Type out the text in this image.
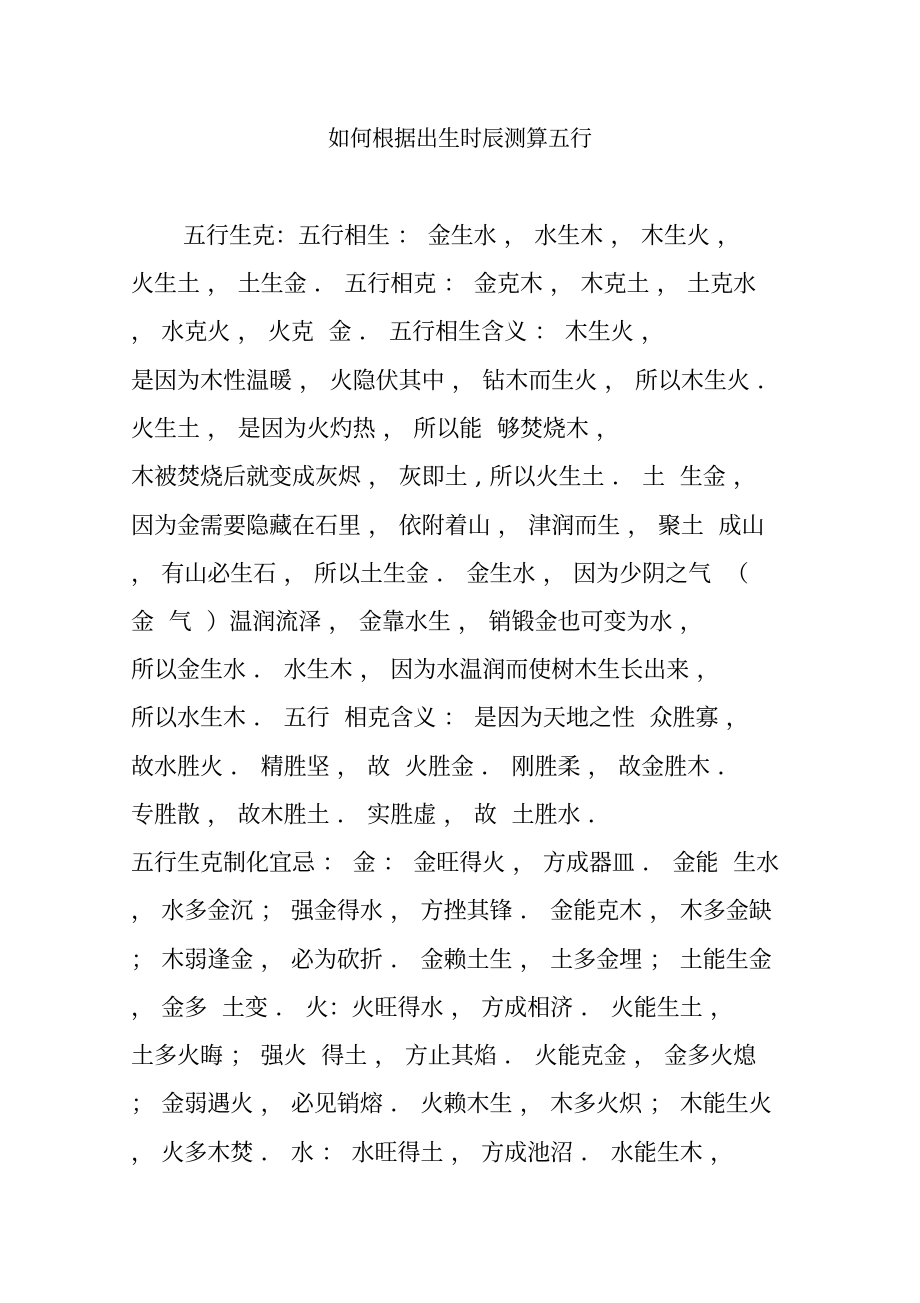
如何根据出生时辰测算五行
五行生克：五行相生 ： 金生水 ， 水生木 ， 木生火 ，
火生土 ， 土生金 ． 五行相克 ： 金克木 ， 木克土 ， 土克水
， 水克火 ， 火克  金 ． 五行相生含义 ： 木生火 ，
是因为木性温暖 ， 火隐伏其中 ， 钻木而生火 ， 所以木生火 ．
火生土 ， 是因为火灼热 ， 所以能  够焚烧木 ，
木被焚烧后就变成灰烬 ， 灰即土 , 所以火生土 ． 土  生金 ，
因为金需要隐藏在石里 ， 依附着山 ， 津润而生 ， 聚土  成山
， 有山必生石 ， 所以土生金 ． 金生水 ， 因为少阴之气  （
金  气  ）温润流泽 ， 金靠水生 ， 销锻金也可变为水 ，
所以金生水 ． 水生木 ， 因为水温润而使树木生长出来 ，
所以水生木 ． 五行  相克含义 ： 是因为天地之性  众胜寡 ，
故水胜火 ． 精胜坚 ， 故  火胜金 ． 刚胜柔 ， 故金胜木 ．
专胜散 ， 故木胜土 ． 实胜虚 ， 故  土胜水 ．
五行生克制化宜忌 ： 金 ： 金旺得火 ， 方成器皿 ． 金能  生水
， 水多金沉 ； 强金得水 ， 方挫其锋 ． 金能克木 ， 木多金缺
； 木弱逢金 ， 必为砍折 ． 金赖土生 ， 土多金埋 ； 土能生金
， 金多  土变 ． 火：火旺得水 ， 方成相济 ． 火能生土 ，
土多火晦 ； 强火  得土 ， 方止其焰 ． 火能克金 ， 金多火熄
； 金弱遇火 ， 必见销熔 ． 火赖木生 ， 木多火炽 ； 木能生火
， 火多木焚 ． 水 ： 水旺得土 ， 方成池沼 ． 水能生木 ，
